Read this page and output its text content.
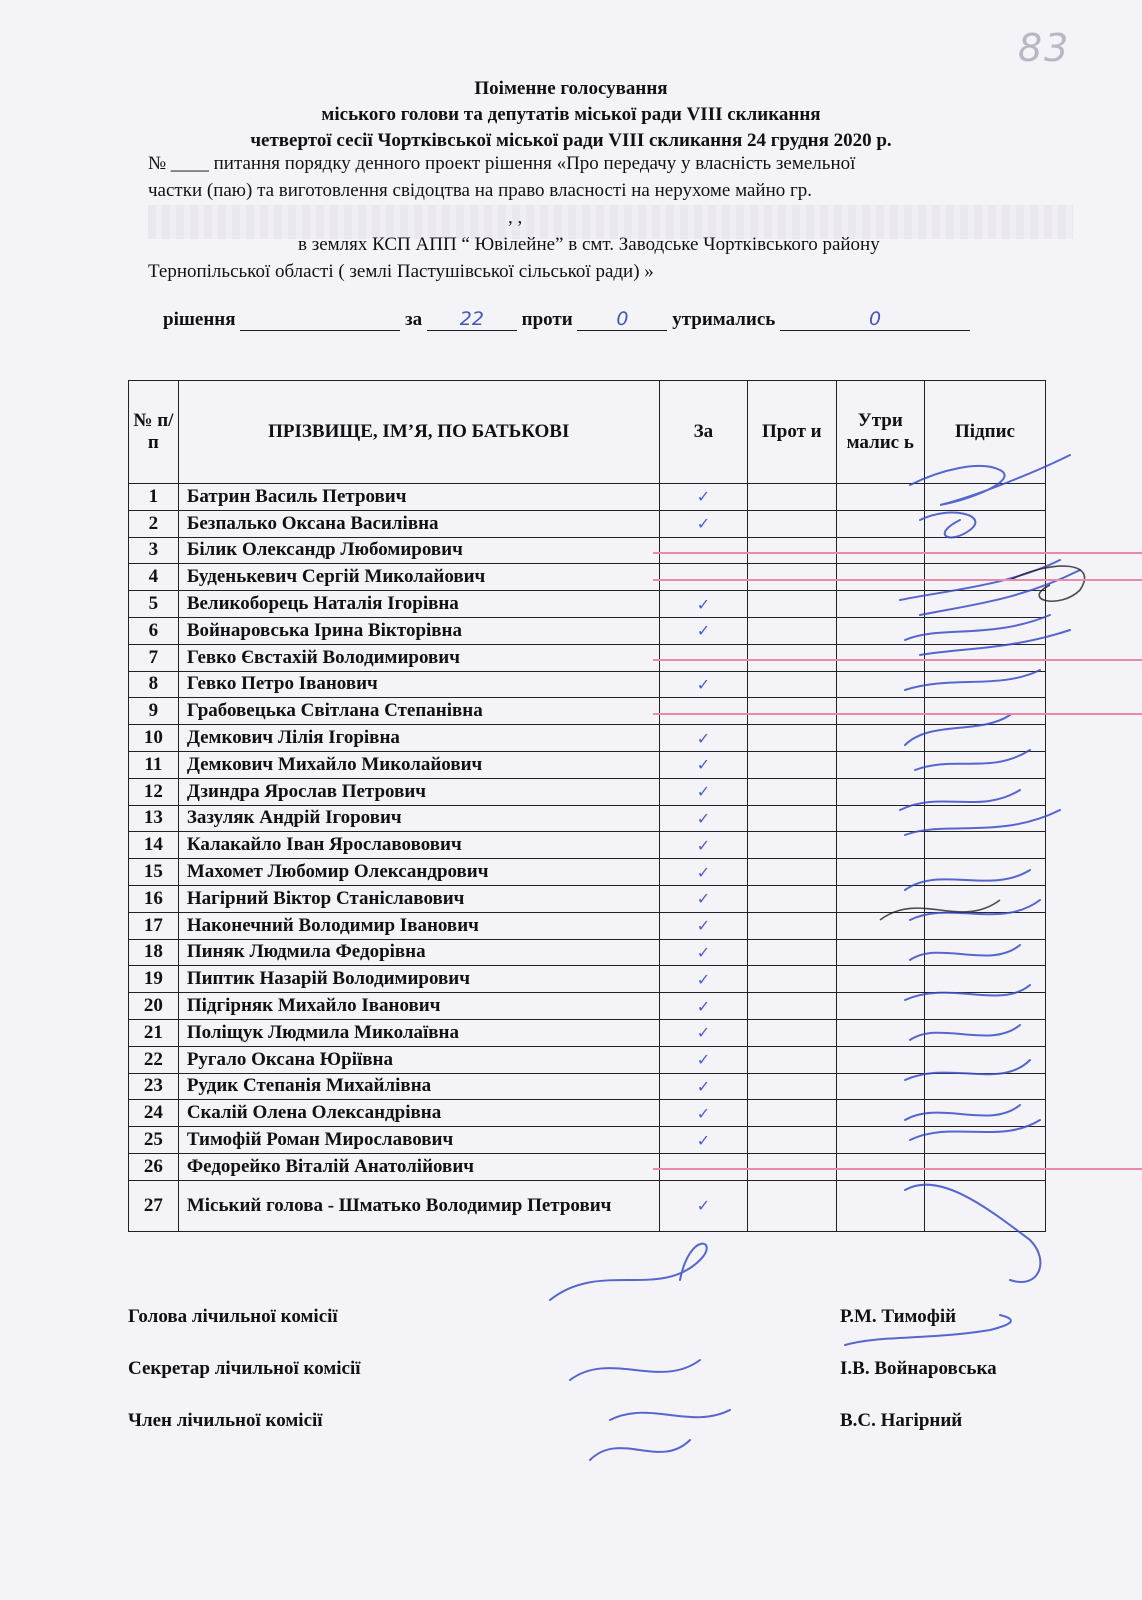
83
Поіменне голосування
міського голови та депутатів міської ради VIII скликання
четвертої сесії Чортківської міської ради VIII скликання 24 грудня 2020 р.
№ ____ питання порядку денного проект рішення «Про передачу у власність земельної
частки (паю) та виготовлення свідоцтва на право власності на нерухоме майно гр.
, ,
в землях КСП АПП “ Ювілейне” в смт. Заводське Чортківського району
Тернопільської області ( землі Пастушівської сільської ради) »
рішення	за 22 проти 0 утримались	0
№ п/п	ПРІЗВИЩЕ, ІМ’Я, ПО БАТЬКОВІ	За	Прот и	Утри малис ь	Підпис
1	Батрин Василь Петрович	✓			
2	Безпалько Оксана Василівна	✓			
3	Білик Олександр Любомирович				
4	Буденькевич Сергій Миколайович				
5	Великоборець Наталія Ігорівна	✓			
6	Войнаровська Ірина Вікторівна	✓			
7	Гевко Євстахій Володимирович				
8	Гевко Петро Іванович	✓			
9	Грабовецька Світлана Степанівна				
10	Демкович Лілія Ігорівна	✓			
11	Демкович Михайло Миколайович	✓			
12	Дзиндра Ярослав Петрович	✓			
13	Зазуляк Андрій Ігорович	✓			
14	Калакайло Іван Ярославовович	✓			
15	Махомет Любомир Олександрович	✓			
16	Нагірний Віктор Станіславович	✓			
17	Наконечний Володимир Іванович	✓			
18	Пиняк Людмила Федорівна	✓			
19	Пиптик Назарій Володимирович	✓			
20	Підгірняк Михайло Іванович	✓			
21	Поліщук Людмила Миколаївна	✓			
22	Ругало Оксана Юріївна	✓			
23	Рудик Степанія Михайлівна	✓			
24	Скалій Олена Олександрівна	✓			
25	Тимофій Роман Мирославович	✓			
26	Федорейко Віталій Анатолійович				
27	Міський голова - Шматько Володимир Петрович	✓			
Голова лічильної комісії	Р.М. Тимофій
Секретар лічильної комісії	І.В. Войнаровська
Член лічильної комісії	В.С. Нагірний
